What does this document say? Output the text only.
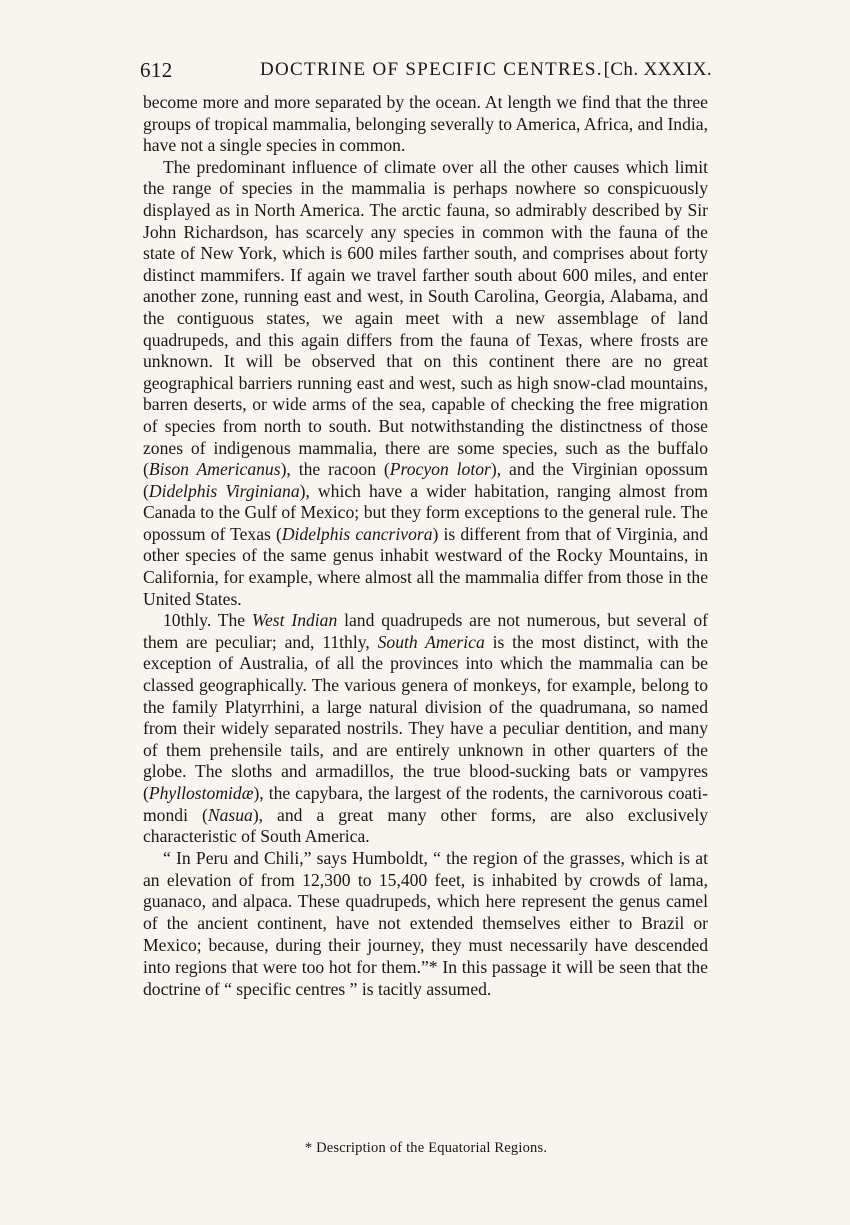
612	DOCTRINE OF SPECIFIC CENTRES. [Ch. XXXIX.

become more and more separated by the ocean. At length we find that the three groups of tropical mammalia, belonging severally to America, Africa, and India, have not a single species in common.

The predominant influence of climate over all the other causes which limit the range of species in the mammalia is perhaps nowhere so conspicuously displayed as in North America. The arctic fauna, so admirably described by Sir John Richardson, has scarcely any species in common with the fauna of the state of New York, which is 600 miles farther south, and comprises about forty distinct mammifers. If again we travel farther south about 600 miles, and enter another zone, running east and west, in South Carolina, Georgia, Alabama, and the contiguous states, we again meet with a new assemblage of land quadrupeds, and this again differs from the fauna of Texas, where frosts are unknown. It will be observed that on this continent there are no great geographical barriers running east and west, such as high snow-clad mountains, barren deserts, or wide arms of the sea, capable of checking the free migration of species from north to south. But notwithstanding the distinctness of those zones of indigenous mammalia, there are some species, such as the buffalo (Bison Americanus), the racoon (Procyon lotor), and the Virginian opossum (Didelphis Virginiana), which have a wider habitation, ranging almost from Canada to the Gulf of Mexico; but they form exceptions to the general rule. The opossum of Texas (Didelphis cancrivora) is different from that of Virginia, and other species of the same genus inhabit westward of the Rocky Mountains, in California, for example, where almost all the mammalia differ from those in the United States.

10thly. The West Indian land quadrupeds are not numerous, but several of them are peculiar; and, 11thly, South America is the most distinct, with the exception of Australia, of all the provinces into which the mammalia can be classed geographically. The various genera of monkeys, for example, belong to the family Platyrrhini, a large natural division of the quadrumana, so named from their widely separated nostrils. They have a peculiar dentition, and many of them prehensile tails, and are entirely unknown in other quarters of the globe. The sloths and armadillos, the true blood-sucking bats or vampyres (Phyllostomidæ), the capybara, the largest of the rodents, the carnivorous coati-mondi (Nasua), and a great many other forms, are also exclusively characteristic of South America.

“ In Peru and Chili,” says Humboldt, “ the region of the grasses, which is at an elevation of from 12,300 to 15,400 feet, is inhabited by crowds of lama, guanaco, and alpaca. These quadrupeds, which here represent the genus camel of the ancient continent, have not extended themselves either to Brazil or Mexico; because, during their journey, they must necessarily have descended into regions that were too hot for them.”* In this passage it will be seen that the doctrine of “ specific centres ” is tacitly assumed.

* Description of the Equatorial Regions.
